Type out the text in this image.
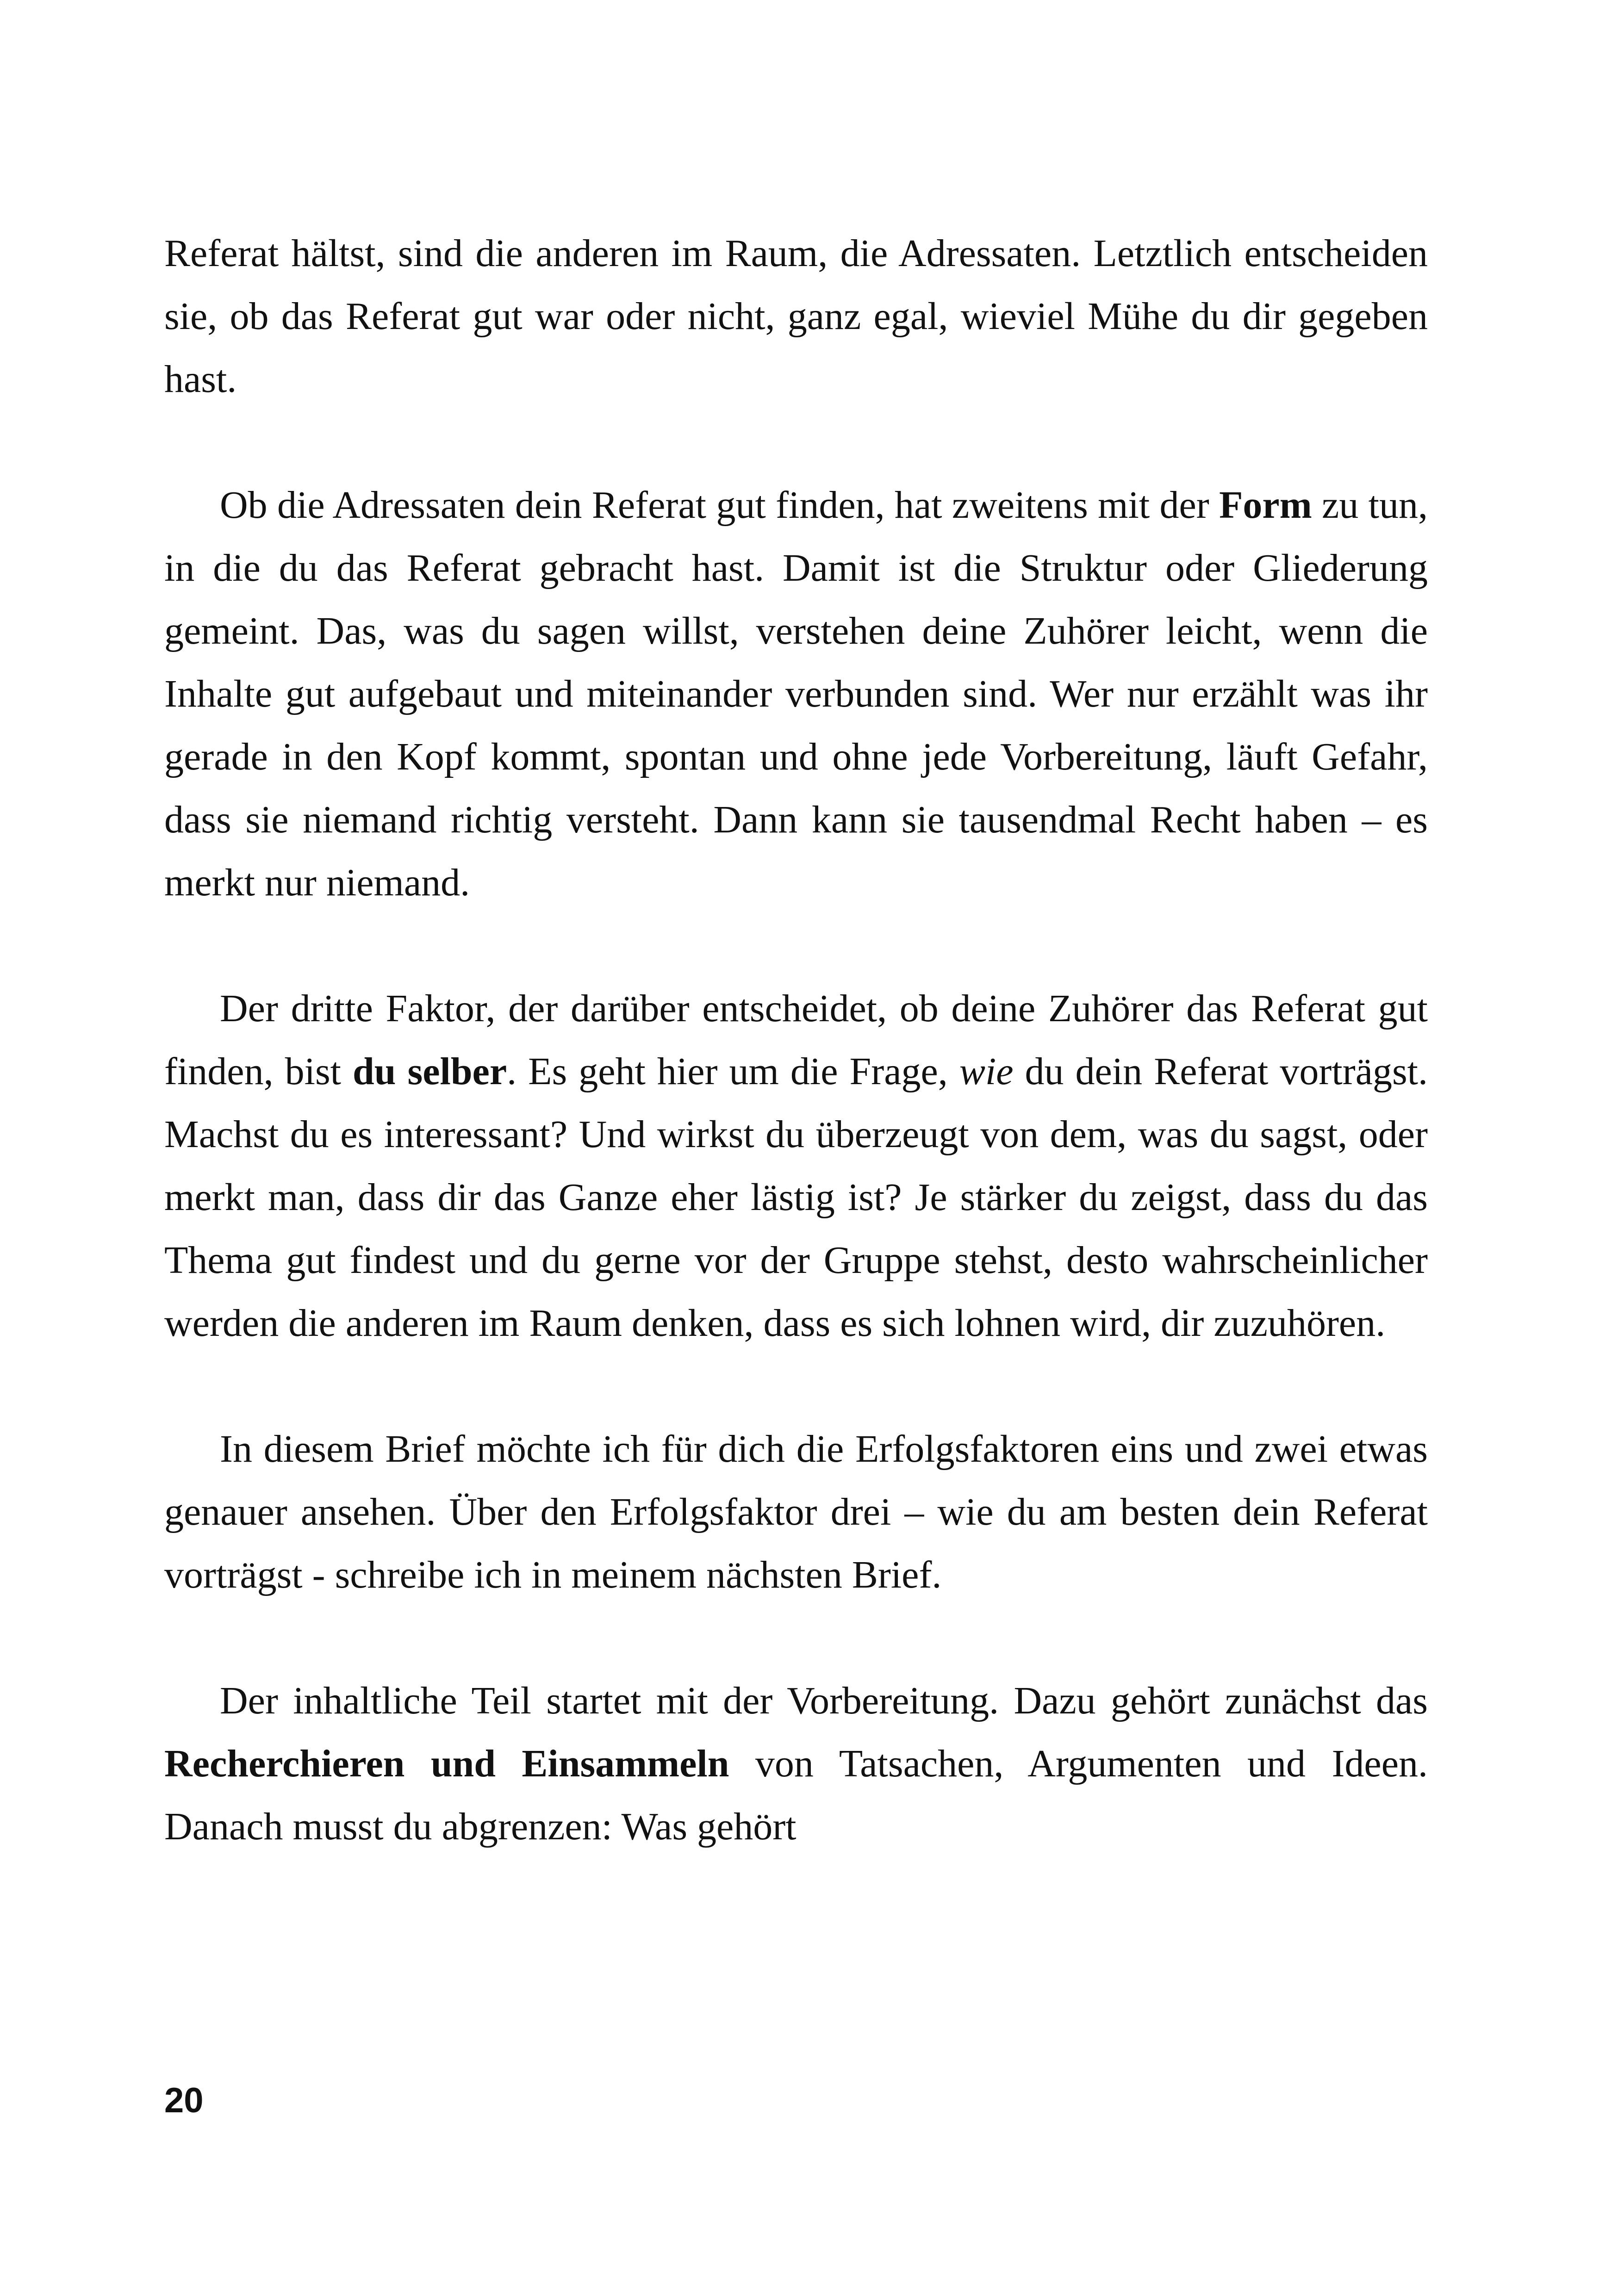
Referat hältst, sind die anderen im Raum, die Adressaten. Letztlich entscheiden sie, ob das Referat gut war oder nicht, ganz egal, wieviel Mühe du dir gegeben hast.

Ob die Adressaten dein Referat gut finden, hat zweitens mit der Form zu tun, in die du das Referat gebracht hast. Damit ist die Struktur oder Gliederung gemeint. Das, was du sagen willst, verstehen deine Zuhörer leicht, wenn die Inhalte gut aufgebaut und miteinander verbunden sind. Wer nur erzählt was ihr gerade in den Kopf kommt, spontan und ohne jede Vorbereitung, läuft Gefahr, dass sie niemand richtig versteht. Dann kann sie tausendmal Recht haben – es merkt nur niemand.

Der dritte Faktor, der darüber entscheidet, ob deine Zuhörer das Referat gut finden, bist du selber. Es geht hier um die Frage, wie du dein Referat vorträgst. Machst du es interessant? Und wirkst du überzeugt von dem, was du sagst, oder merkt man, dass dir das Ganze eher lästig ist? Je stärker du zeigst, dass du das Thema gut findest und du gerne vor der Gruppe stehst, desto wahrscheinlicher werden die anderen im Raum denken, dass es sich lohnen wird, dir zuzuhören.

In diesem Brief möchte ich für dich die Erfolgsfaktoren eins und zwei etwas genauer ansehen. Über den Erfolgsfaktor drei – wie du am besten dein Referat vorträgst - schreibe ich in meinem nächsten Brief.

Der inhaltliche Teil startet mit der Vorbereitung. Dazu gehört zunächst das Recherchieren und Einsammeln von Tatsachen, Argumenten und Ideen. Danach musst du abgrenzen: Was gehört

20
